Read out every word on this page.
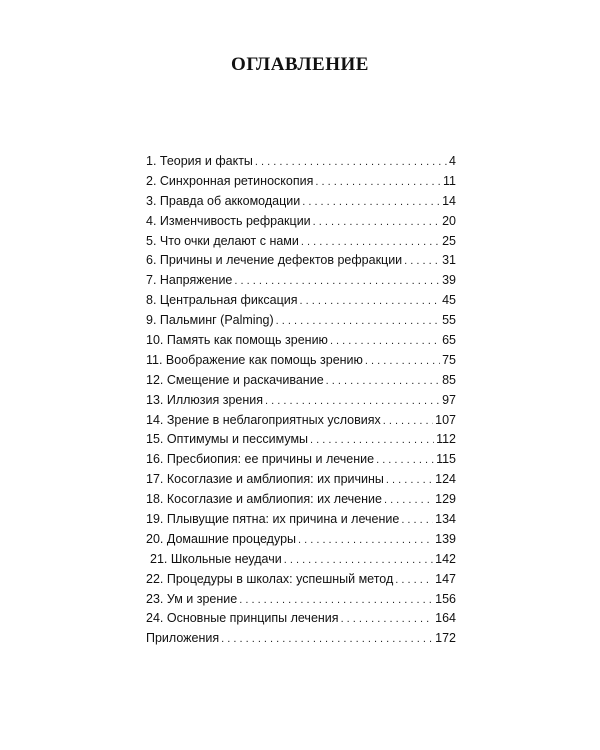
ОГЛАВЛЕНИЕ
1. Теория и факты . . .	4
2. Синхронная ретиноскопия . . .	11
3. Правда об аккомодации . . .	14
4. Изменчивость рефракции . . .	20
5. Что очки делают с нами . . .	25
6. Причины и лечение дефектов рефракции . . .	31
7. Напряжение . . .	39
8. Центральная фиксация . . .	45
9. Пальминг (Palming) . . .	55
10. Память как помощь зрению . . .	65
11. Воображение как помощь зрению . . .	75
12. Смещение и раскачивание . . .	85
13. Иллюзия зрения . . .	97
14. Зрение в неблагоприятных условиях . . .	107
15. Оптимумы и пессимумы . . .	112
16. Пресбиопия: ее причины и лечение . . .	115
17. Косоглазие и амблиопия: их причины . . .	124
18. Косоглазие и амблиопия: их лечение . . .	129
19. Плывущие пятна: их причина и лечение . . .	134
20. Домашние процедуры . . .	139
21. Школьные неудачи . . .	142
22. Процедуры в школах: успешный метод . . .	147
23. Ум и зрение . . .	156
24. Основные принципы лечения . . .	164
Приложения . . .	172
